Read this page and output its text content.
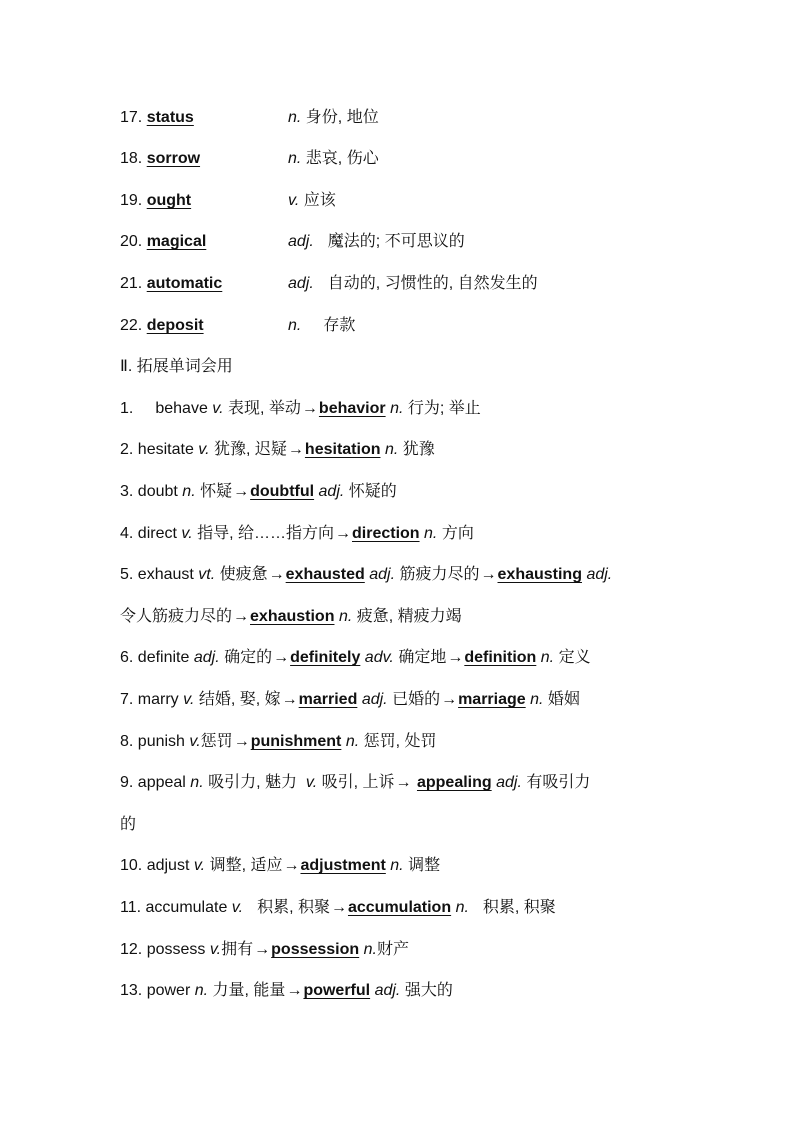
17. status	n. 身份, 地位
18. sorrow	n. 悲哀, 伤心
19. ought	v. 应该
20. magical	adj. 魔法的; 不可思议的
21. automatic	adj. 自动的, 习惯性的, 自然发生的
22. deposit	n. 存款
Ⅱ. 拓展单词会用
1. behave v. 表现, 举动→behavior n. 行为; 举止
2. hesitate v. 犹豫, 迟疑→hesitation n. 犹豫
3. doubt n. 怀疑→doubtful adj. 怀疑的
4. direct v. 指导, 给……指方向→direction n. 方向
5. exhaust vt. 使疲惫→exhausted adj. 筋疲力尽的→exhausting adj.
令人筋疲力尽的→exhaustion n. 疲惫, 精疲力竭
6. definite adj. 确定的→definitely adv. 确定地→definition n. 定义
7. marry v. 结婚, 娶, 嫁→married adj. 已婚的→marriage n. 婚姻
8. punish v.惩罚→punishment n. 惩罚, 处罚
9. appeal n. 吸引力, 魅力 v. 吸引, 上诉→ appealing adj. 有吸引力
的
10. adjust v. 调整, 适应→adjustment n. 调整
11. accumulate v. 积累, 积聚→accumulation n. 积累, 积聚
12. possess v.拥有→possession n.财产
13. power n. 力量, 能量→powerful adj. 强大的
